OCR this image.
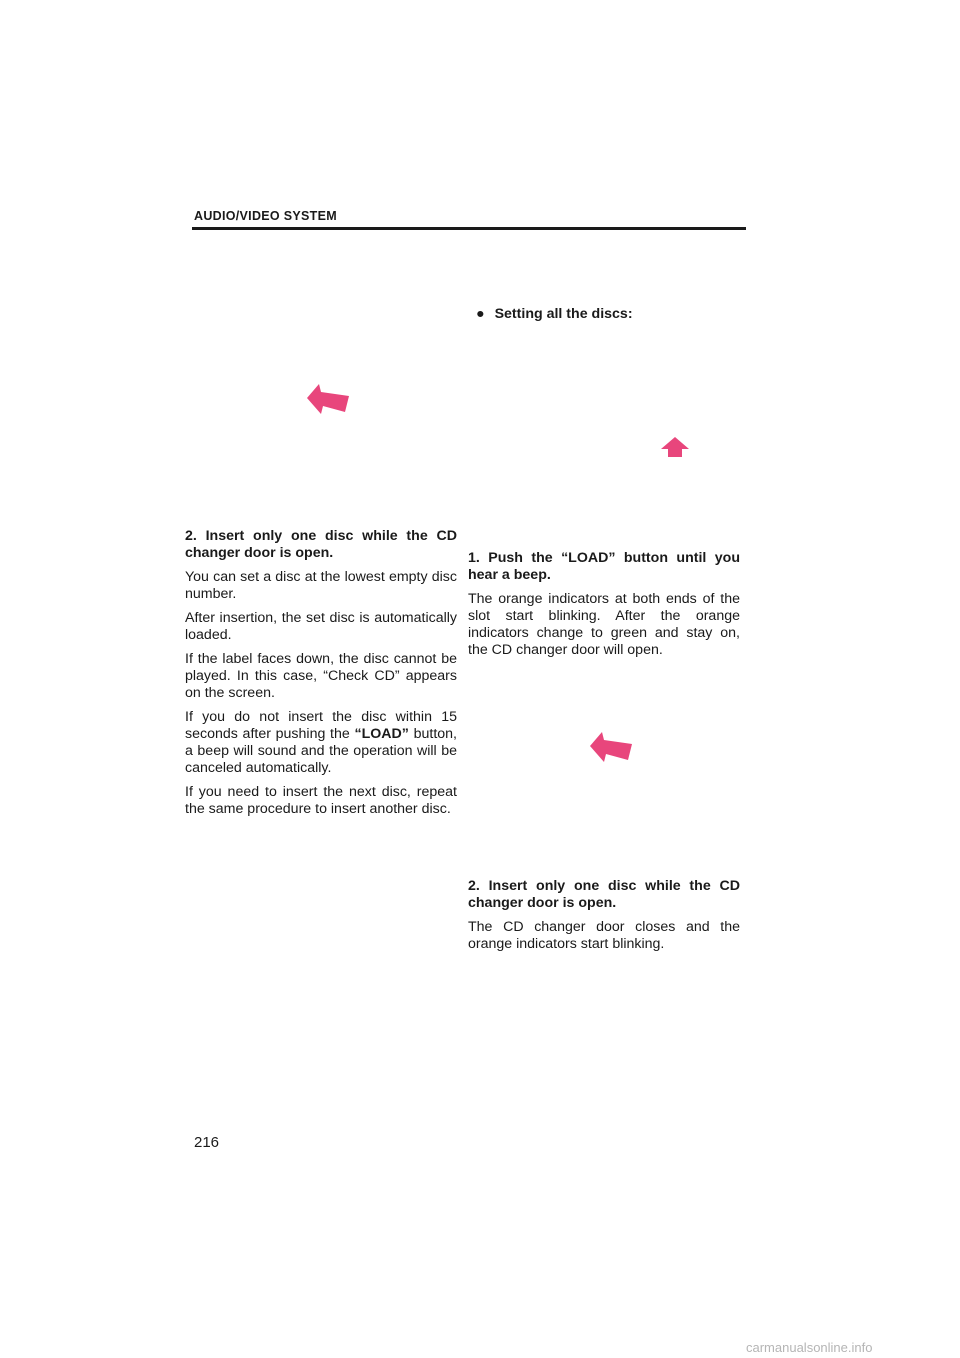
AUDIO/VIDEO SYSTEM
● Setting all the discs:

2. Insert only one disc while the CD changer door is open.

You can set a disc at the lowest empty disc number.

After insertion, the set disc is automatically loaded.

If the label faces down, the disc cannot be played. In this case, “Check CD” appears on the screen.

If you do not insert the disc within 15 seconds after pushing the “LOAD” button, a beep will sound and the operation will be canceled automatically.

If you need to insert the next disc, repeat the same procedure to insert another disc.

1. Push the “LOAD” button until you hear a beep.

The orange indicators at both ends of the slot start blinking. After the orange indicators change to green and stay on, the CD changer door will open.

2. Insert only one disc while the CD changer door is open.

The CD changer door closes and the orange indicators start blinking.

216
carmanualsonline.info
